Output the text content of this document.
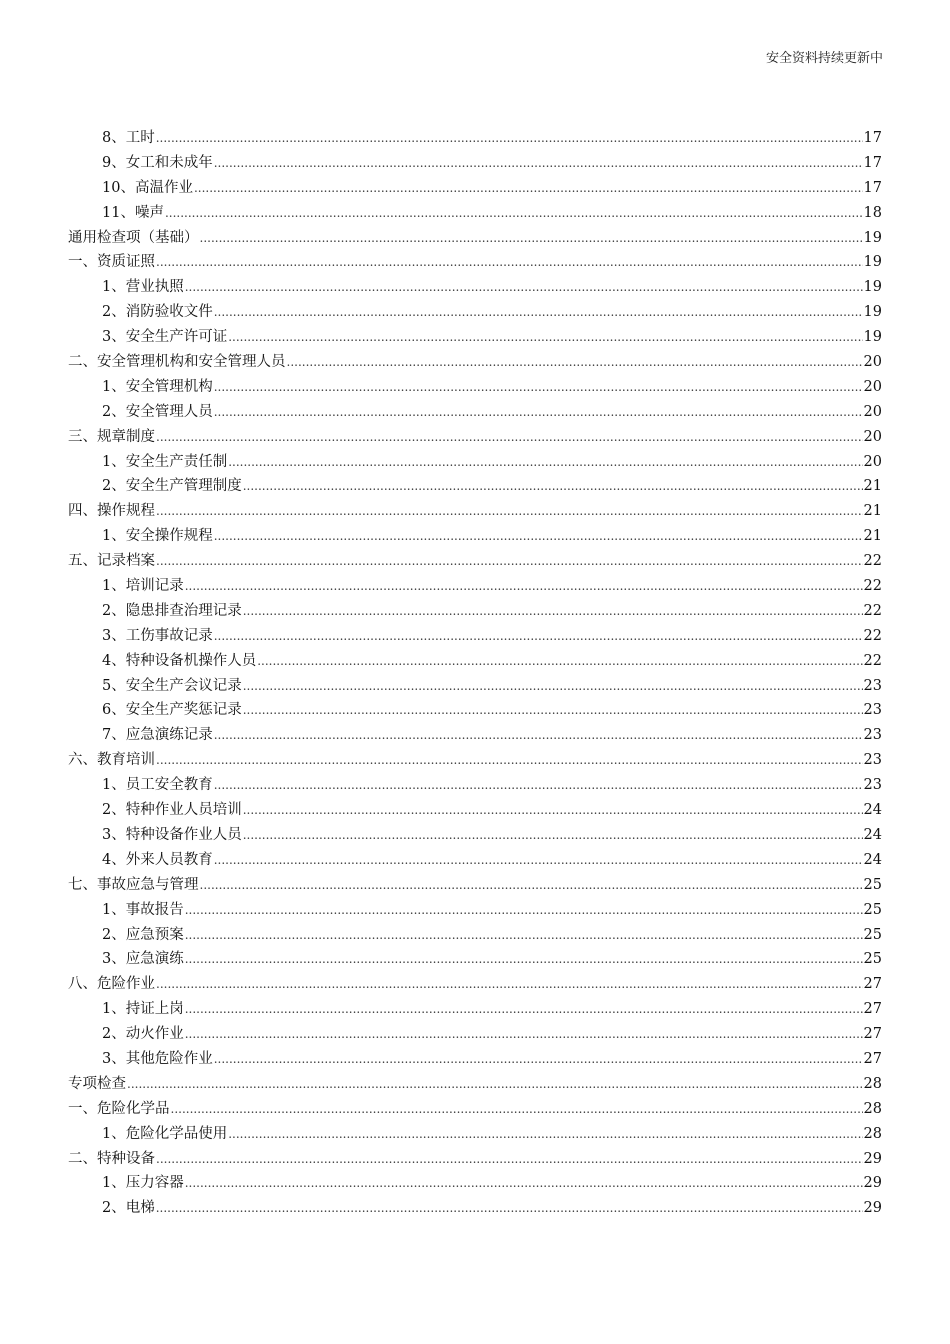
安全资料持续更新中
8、工时 .....	17
9、女工和未成年 .....	17
10、高温作业 .....	17
11、噪声 .....	18
通用检查项（基础） .....	19
一、资质证照 .....	19
1、营业执照 .....	19
2、消防验收文件 .....	19
3、安全生产许可证 .....	19
二、安全管理机构和安全管理人员 .....	20
1、安全管理机构 .....	20
2、安全管理人员 .....	20
三、规章制度 .....	20
1、安全生产责任制 .....	20
2、安全生产管理制度 .....	21
四、操作规程 .....	21
1、安全操作规程 .....	21
五、记录档案 .....	22
1、培训记录 .....	22
2、隐患排查治理记录 .....	22
3、工伤事故记录 .....	22
4、特种设备机操作人员 .....	22
5、安全生产会议记录 .....	23
6、安全生产奖惩记录 .....	23
7、应急演练记录 .....	23
六、教育培训 .....	23
1、员工安全教育 .....	23
2、特种作业人员培训 .....	24
3、特种设备作业人员 .....	24
4、外来人员教育 .....	24
七、事故应急与管理 .....	25
1、事故报告 .....	25
2、应急预案 .....	25
3、应急演练 .....	25
八、危险作业 .....	27
1、持证上岗 .....	27
2、动火作业 .....	27
3、其他危险作业 .....	27
专项检查 .....	28
一、危险化学品 .....	28
1、危险化学品使用 .....	28
二、特种设备 .....	29
1、压力容器 .....	29
2、电梯 .....	29
